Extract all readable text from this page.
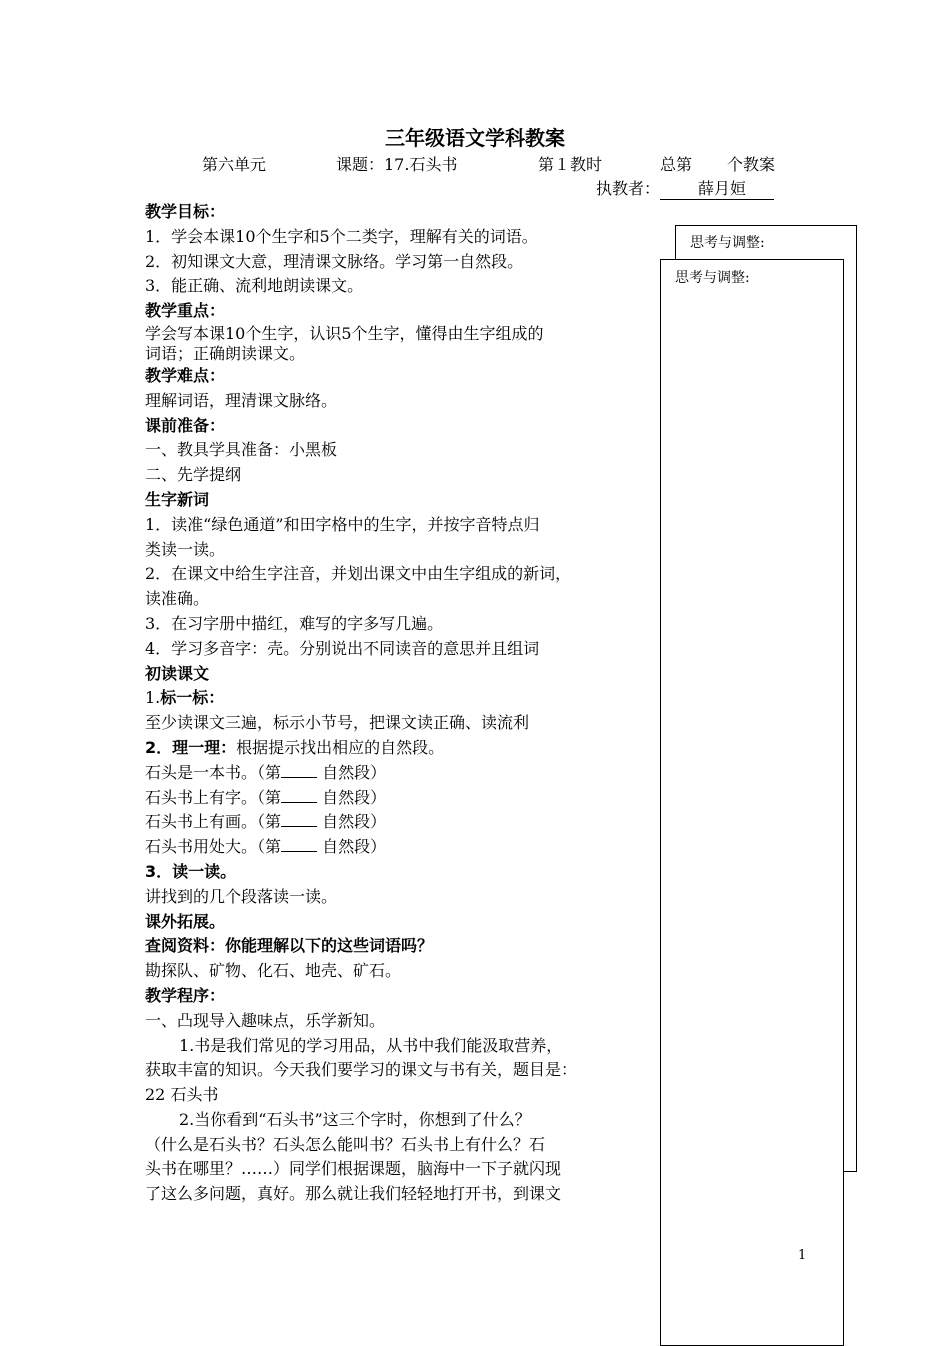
三年级语文学科教案
第六单元	课题：17.石头书	第１教时	总第 个教案
执教者： 薛月姮
思考与调整:
思考与调整:
1
教学目标：
1．学会本课10个生字和5个二类字，理解有关的词语。
2．初知课文大意，理清课文脉络。学习第一自然段。
3．能正确、流利地朗读课文。
教学重点：
学会写本课10个生字，认识5个生字，懂得由生字组成的
词语；正确朗读课文。
教学难点：
理解词语，理清课文脉络。
课前准备：
一、教具学具准备：小黑板
二、先学提纲
生字新词
1．读准“绿色通道”和田字格中的生字，并按字音特点归
类读一读。
2．在课文中给生字注音，并划出课文中由生字组成的新词，
读准确。
3．在习字册中描红，难写的字多写几遍。
4．学习多音字：壳。分别说出不同读音的意思并且组词
初读课文
1.标一标：
至少读课文三遍，标示小节号，把课文读正确、读流利
2．理一理：根据提示找出相应的自然段。
石头是一本书。（第 自然段）
石头书上有字。（第 自然段）
石头书上有画。（第 自然段）
石头书用处大。（第 自然段）
3．读一读。
讲找到的几个段落读一读。
课外拓展。
查阅资料：你能理解以下的这些词语吗？
勘探队、矿物、化石、地壳、矿石。
教学程序：
一、凸现导入趣味点，乐学新知。
1.书是我们常见的学习用品，从书中我们能汲取营养，
获取丰富的知识。今天我们要学习的课文与书有关，题目是：
22 石头书
2.当你看到“石头书”这三个字时，你想到了什么？
（什么是石头书？石头怎么能叫书？石头书上有什么？石
头书在哪里？……）同学们根据课题，脑海中一下子就闪现
了这么多问题，真好。那么就让我们轻轻地打开书，到课文
